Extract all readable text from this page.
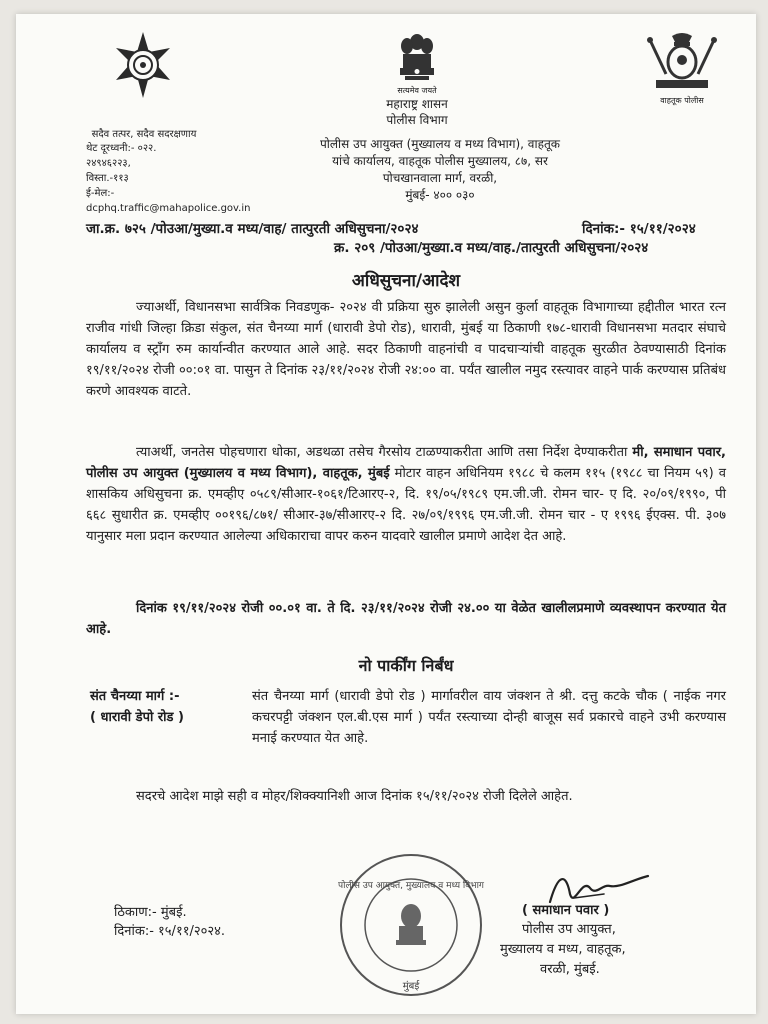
सदैव तत्पर, सदैव सदरक्षणाय
सत्यमेव जयते
महाराष्ट्र शासन
पोलीस विभाग
वाहतूक पोलीस
पोलीस उप आयुक्त (मुख्यालय व मध्य विभाग), वाहतूक
यांचे कार्यालय, वाहतूक पोलीस मुख्यालय, ८७, सर
पोचखानवाला मार्ग, वरळी,
मुंबई- ४०० ०३०
थेट दूरध्वनी:- ०२२.
२४९४६२२३,
विस्ता.-११३
ई-मेल:-
dcphq.traffic@mahapolice.gov.in
जा.क्र. ७२५ /पोउआ/मुख्या.व मध्य/वाह/ तात्पुरती अधिसुचना/२०२४	दिनांक:- १५/११/२०२४
क्र. २०९ /पोउआ/मुख्या.व मध्य/वाह./तात्पुरती अधिसुचना/२०२४
अधिसुचना/आदेश
ज्याअर्थी, विधानसभा सार्वत्रिक निवडणुक- २०२४ वी प्रक्रिया सुरु झालेली असुन कुर्ला वाहतूक विभागाच्या हद्दीतील भारत रत्न राजीव गांधी जिल्हा क्रिडा संकुल, संत चैनय्या मार्ग (धारावी डेपो रोड), धारावी, मुंबई या ठिकाणी १७८-धारावी विधानसभा मतदार संघाचे कार्यालय व स्ट्रॉंग रुम कार्यान्वीत करण्यात आले आहे. सदर ठिकाणी वाहनांची व पादचाऱ्यांची वाहतूक सुरळीत ठेवण्यासाठी दिनांक १९/११/२०२४ रोजी ००:०१ वा. पासुन ते दिनांक २३/११/२०२४ रोजी २४:०० वा. पर्यंत खालील नमुद रस्त्यावर वाहने पार्क करण्यास प्रतिबंध करणे आवश्यक वाटते.
त्याअर्थी, जनतेस पोहचणारा धोका, अडथळा तसेच गैरसोय टाळण्याकरीता आणि तसा निर्देश देण्याकरीता मी, समाधान पवार, पोलीस उप आयुक्त (मुख्यालय व मध्य विभाग), वाहतूक, मुंबई मोटार वाहन अधिनियम १९८८ चे कलम ११५ (१९८८ चा नियम ५९) व शासकिय अधिसुचना क्र. एमव्हीए ०५८९/सीआर-१०६१/टिआरए-२, दि. १९/०५/१९८९ एम.जी.जी. रोमन चार- ए दि. २०/०९/१९९०, पी ६६८ सुधारीत क्र. एमव्हीए ००१९६/८७१/ सीआर-३७/सीआरए-२ दि. २७/०९/१९९६ एम.जी.जी. रोमन चार - ए १९९६ ईएक्स. पी. ३०७ यानुसार मला प्रदान करण्यात आलेल्या अधिकाराचा वापर करुन यादवारे खालील प्रमाणे आदेश देत आहे.
दिनांक १९/११/२०२४ रोजी ००.०१ वा. ते दि. २३/११/२०२४ रोजी २४.०० या वेळेत खालीलप्रमाणे व्यवस्थापन करण्यात येत आहे.
नो पार्कींग निर्बंध
संत चैनय्या मार्ग :-
( धारावी डेपो रोड )
संत चैनय्या मार्ग (धारावी डेपो रोड ) मार्गावरील वाय जंक्शन ते श्री. दत्तु कटके चौक ( नाईक नगर कचरपट्टी जंक्शन एल.बी.एस मार्ग ) पर्यंत रस्त्याच्या दोन्ही बाजूस सर्व प्रकारचे वाहने उभी करण्यास मनाई करण्यात येत आहे.
सदरचे आदेश माझे सही व मोहर/शिक्क्यानिशी आज दिनांक १५/११/२०२४ रोजी दिलेले आहेत.
ठिकाण:- मुंबई.
दिनांक:- १५/११/२०२४.
पोलीस उप आयुक्त, मुख्यालय व मध्य विभाग
मुंबई
( समाधान पवार )
पोलीस उप आयुक्त,
मुख्यालय व मध्य, वाहतूक,
वरळी, मुंबई.
